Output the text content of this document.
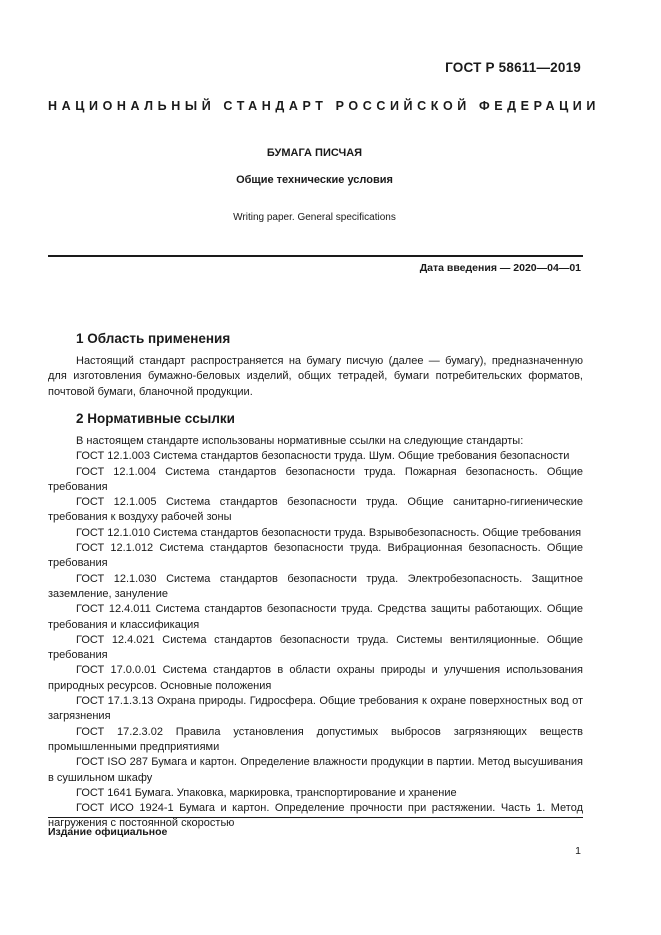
ГОСТ Р 58611—2019
НАЦИОНАЛЬНЫЙ СТАНДАРТ РОССИЙСКОЙ ФЕДЕРАЦИИ
БУМАГА ПИСЧАЯ
Общие технические условия
Writing paper. General specifications
Дата введения — 2020—04—01
1 Область применения
Настоящий стандарт распространяется на бумагу писчую (далее — бумагу), предназначенную для изготовления бумажно-беловых изделий, общих тетрадей, бумаги потребительских форматов, почтовой бумаги, бланочной продукции.
2 Нормативные ссылки

В настоящем стандарте использованы нормативные ссылки на следующие стандарты:

ГОСТ 12.1.003 Система стандартов безопасности труда. Шум. Общие требования безопасности

ГОСТ 12.1.004 Система стандартов безопасности труда. Пожарная безопасность. Общие требования

ГОСТ 12.1.005 Система стандартов безопасности труда. Общие санитарно-гигиенические требования к воздуху рабочей зоны

ГОСТ 12.1.010 Система стандартов безопасности труда. Взрывобезопасность. Общие требования

ГОСТ 12.1.012 Система стандартов безопасности труда. Вибрационная безопасность. Общие требования

ГОСТ 12.1.030 Система стандартов безопасности труда. Электробезопасность. Защитное заземление, зануление

ГОСТ 12.4.011 Система стандартов безопасности труда. Средства защиты работающих. Общие требования и классификация

ГОСТ 12.4.021 Система стандартов безопасности труда. Системы вентиляционные. Общие требования

ГОСТ 17.0.0.01 Система стандартов в области охраны природы и улучшения использования природных ресурсов. Основные положения

ГОСТ 17.1.3.13 Охрана природы. Гидросфера. Общие требования к охране поверхностных вод от загрязнения

ГОСТ 17.2.3.02 Правила установления допустимых выбросов загрязняющих веществ промышленными предприятиями

ГОСТ ISO 287 Бумага и картон. Определение влажности продукции в партии. Метод высушивания в сушильном шкафу

ГОСТ 1641 Бумага. Упаковка, маркировка, транспортирование и хранение

ГОСТ ИСО 1924-1 Бумага и картон. Определение прочности при растяжении. Часть 1. Метод нагружения с постоянной скоростью

Издание официальное
1
